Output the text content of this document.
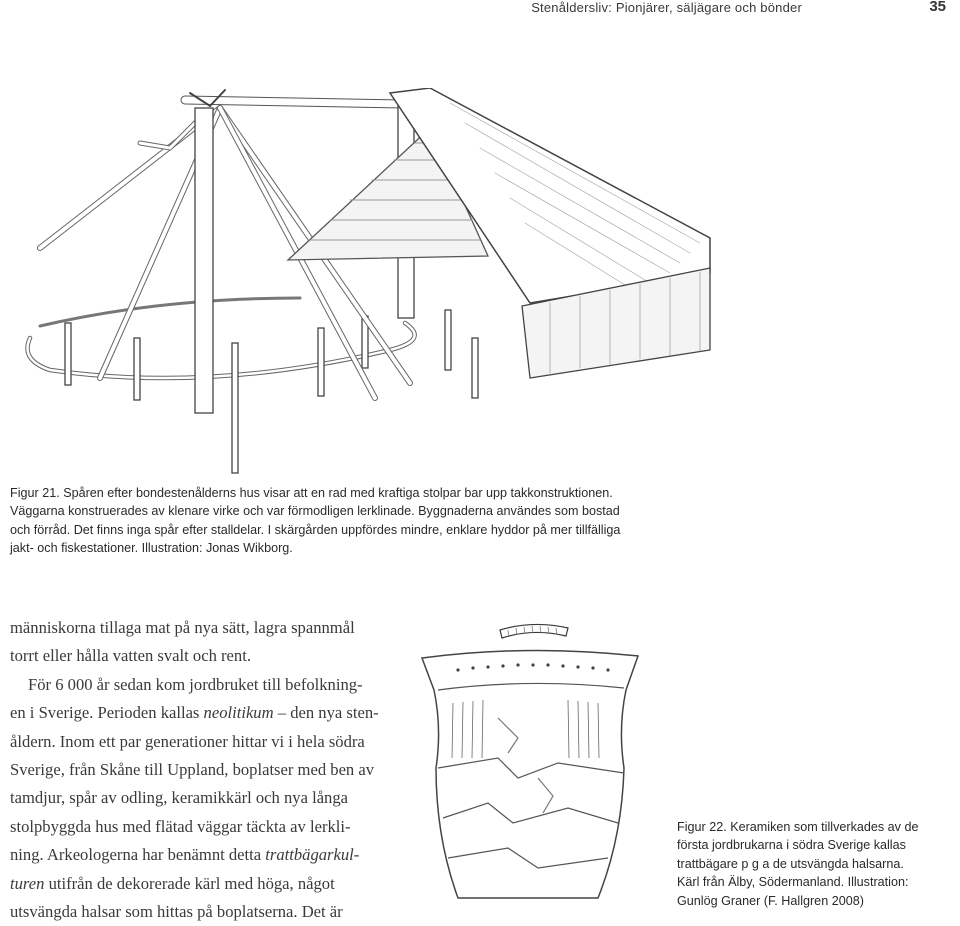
Stenåldersliv: Pionjärer, säljägare och bönder	35
Figur 21. Spåren efter bondestenålderns hus visar att en rad med kraftiga stolpar bar upp takkonstruktionen.
Väggarna konstruerades av klenare virke och var förmodligen lerklinade. Byggnaderna användes som bostad
och förråd. Det finns inga spår efter stalldelar. I skärgården uppfördes mindre, enklare hyddor på mer tillfälliga
jakt- och fiskestationer. Illustration: Jonas Wikborg.

människorna tillaga mat på nya sätt, lagra spannmål
torrt eller hålla vatten svalt och rent.

För 6 000 år sedan kom jordbruket till befolkning-
en i Sverige. Perioden kallas neolitikum – den nya sten-
åldern. Inom ett par generationer hittar vi i hela södra
Sverige, från Skåne till Uppland, boplatser med ben av
tamdjur, spår av odling, keramikkärl och nya långa
stolpbyggda hus med flätad väggar täckta av lerkli-
ning. Arkeologerna har benämnt detta trattbägarkul-
turen utifrån de dekorerade kärl med höga, något
utsvängda halsar som hittas på boplatserna. Det är

Figur 22. Keramiken som tillverkades av de
första jordbrukarna i södra Sverige kallas
trattbägare p g a de utsvängda halsarna.
Kärl från Älby, Södermanland. Illustration:
Gunlög Graner (F. Hallgren 2008)
